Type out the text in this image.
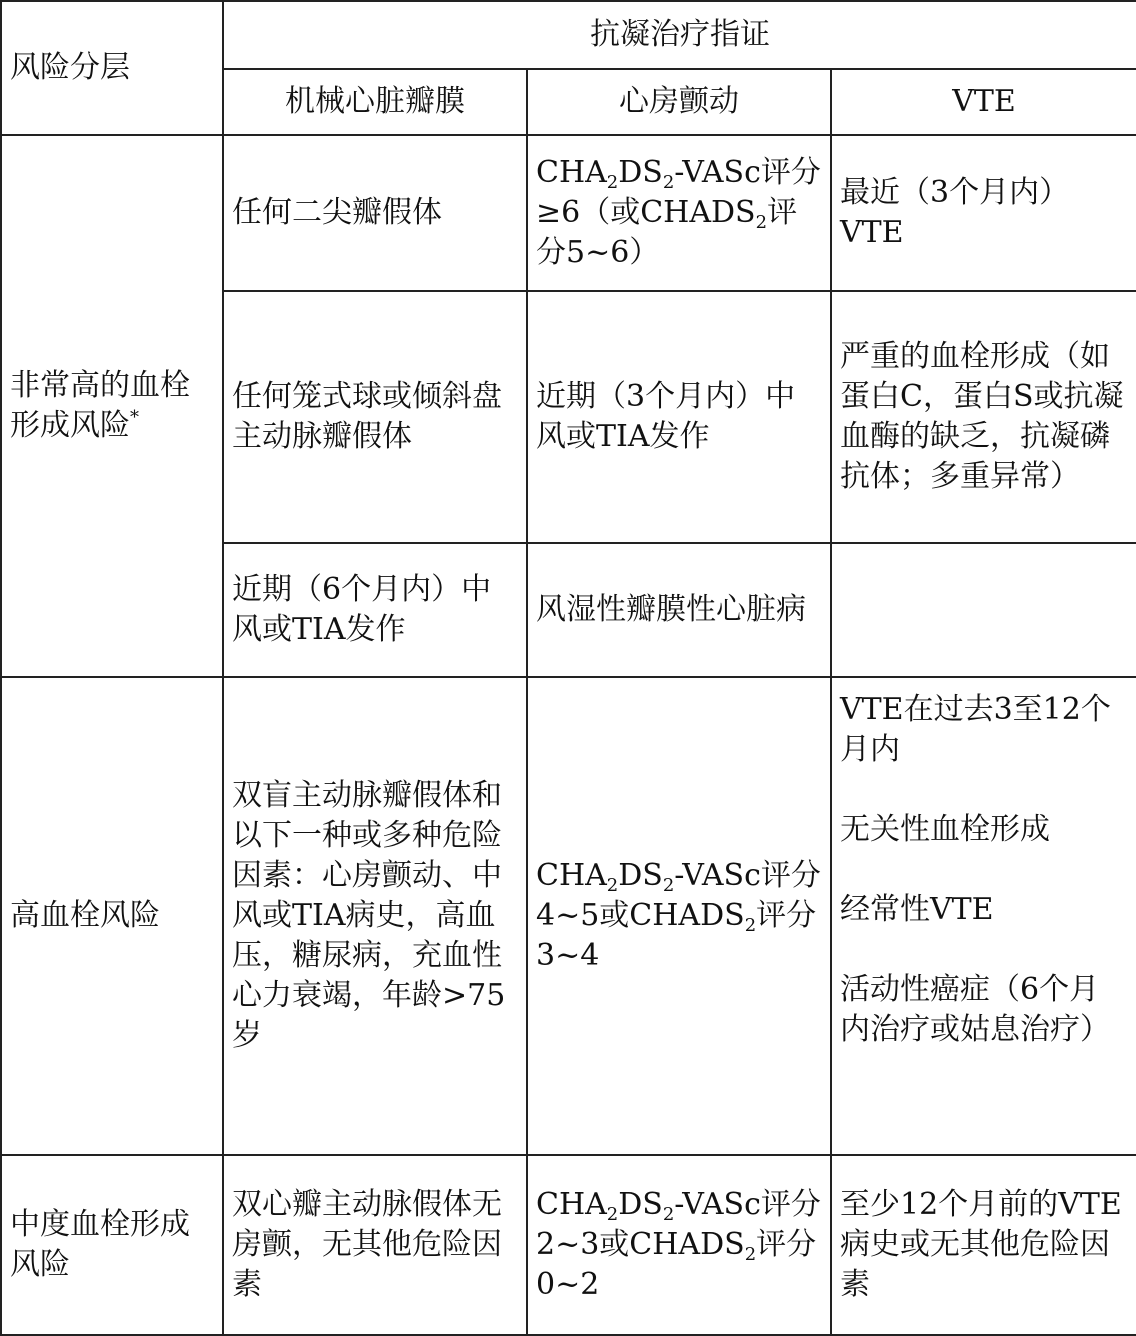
风险分层	抗凝治疗指证		
	机械心脏瓣膜	心房颤动	VTE
非常高的血栓形成风险*	任何二尖瓣假体	$CHA_2DS_2$-VASc评分≥6（或$CHADS_2$评分5~6）	最近（3个月内）VTE
	任何笼式球或倾斜盘主动脉瓣假体	近期（3个月内）中风或TIA发作	严重的血栓形成（如蛋白C，蛋白S或抗凝血酶的缺乏，抗凝磷抗体；多重异常）
	近期（6个月内）中风或TIA发作	风湿性瓣膜性心脏病	
高血栓风险	双盲主动脉瓣假体和以下一种或多种危险因素：心房颤动、中风或TIA病史，高血压，糖尿病，充血性心力衰竭，年龄>75岁	$CHA_2DS_2$-VASc评分4~5或$CHADS_2$评分3~4	VTE在过去3至12个月内
无关性血栓形成
经常性VTE
活动性癌症（6个月内治疗或姑息治疗）

中度血栓形成风险	双心瓣主动脉假体无房颤，无其他危险因素	$CHA_2DS_2$-VASc评分2~3或$CHADS_2$评分0~2	至少12个月前的VTE病史或无其他危险因素
